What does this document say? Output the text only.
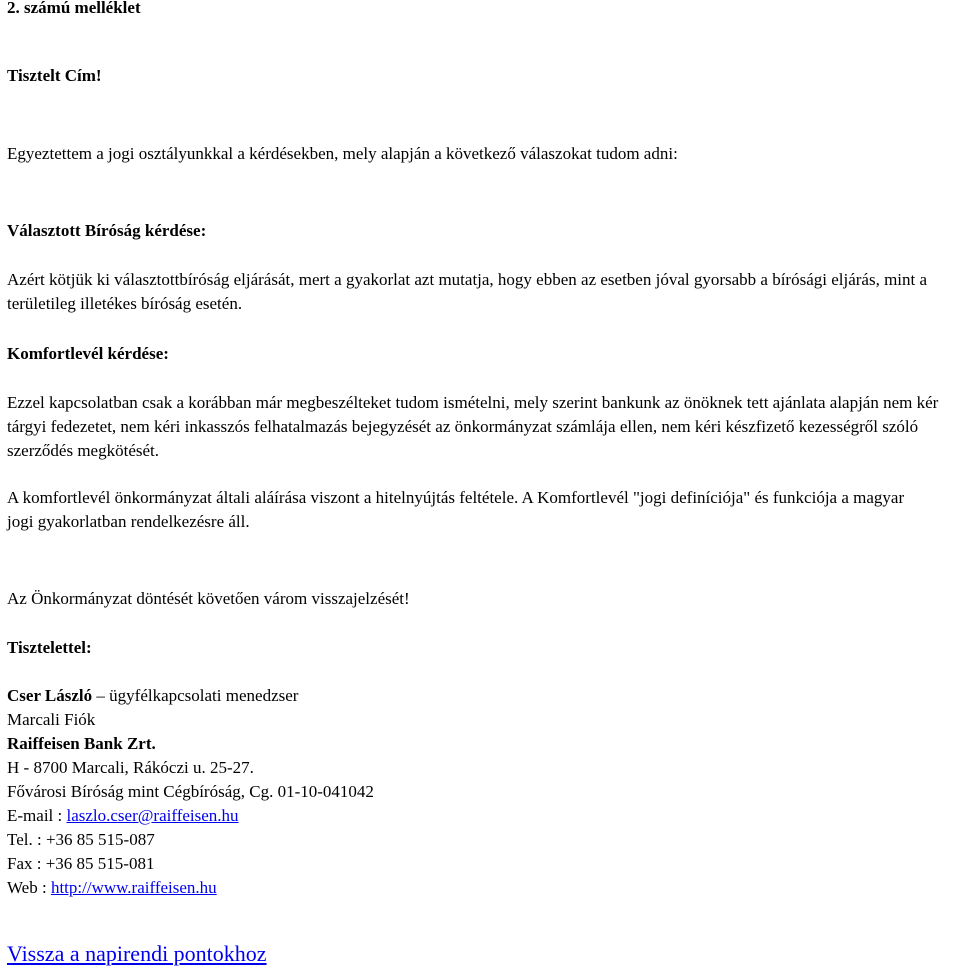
2. számú melléklet

Tisztelt Cím!

Egyeztettem a jogi osztályunkkal a kérdésekben, mely alapján a következő válaszokat tudom adni:

Választott Bíróság kérdése:

Azért kötjük ki választottbíróság eljárását, mert a gyakorlat azt mutatja, hogy ebben az esetben jóval gyorsabb a bírósági eljárás, mint a területileg illetékes bíróság esetén.

Komfortlevél kérdése:

Ezzel kapcsolatban csak a korábban már megbeszélteket tudom ismételni, mely szerint bankunk az önöknek tett ajánlata alapján nem kér tárgyi fedezetet, nem kéri inkasszós felhatalmazás bejegyzését az önkormányzat számlája ellen, nem kéri készfizető kezességről szóló szerződés megkötését.

A komfortlevél önkormányzat általi aláírása viszont a hitelnyújtás feltétele. A Komfortlevél "jogi definíciója" és funkciója a magyar jogi gyakorlatban rendelkezésre áll.

Az Önkormányzat döntését követően várom visszajelzését!

Tisztelettel:

Cser László – ügyfélkapcsolati menedzser
Marcali Fiók
Raiffeisen Bank Zrt.
H - 8700 Marcali, Rákóczi u. 25-27.
Fővárosi Bíróság mint Cégbíróság, Cg. 01-10-041042
E-mail : laszlo.cser@raiffeisen.hu
Tel. : +36 85 515-087
Fax : +36 85 515-081
Web : http://www.raiffeisen.hu
Vissza a napirendi pontokhoz
